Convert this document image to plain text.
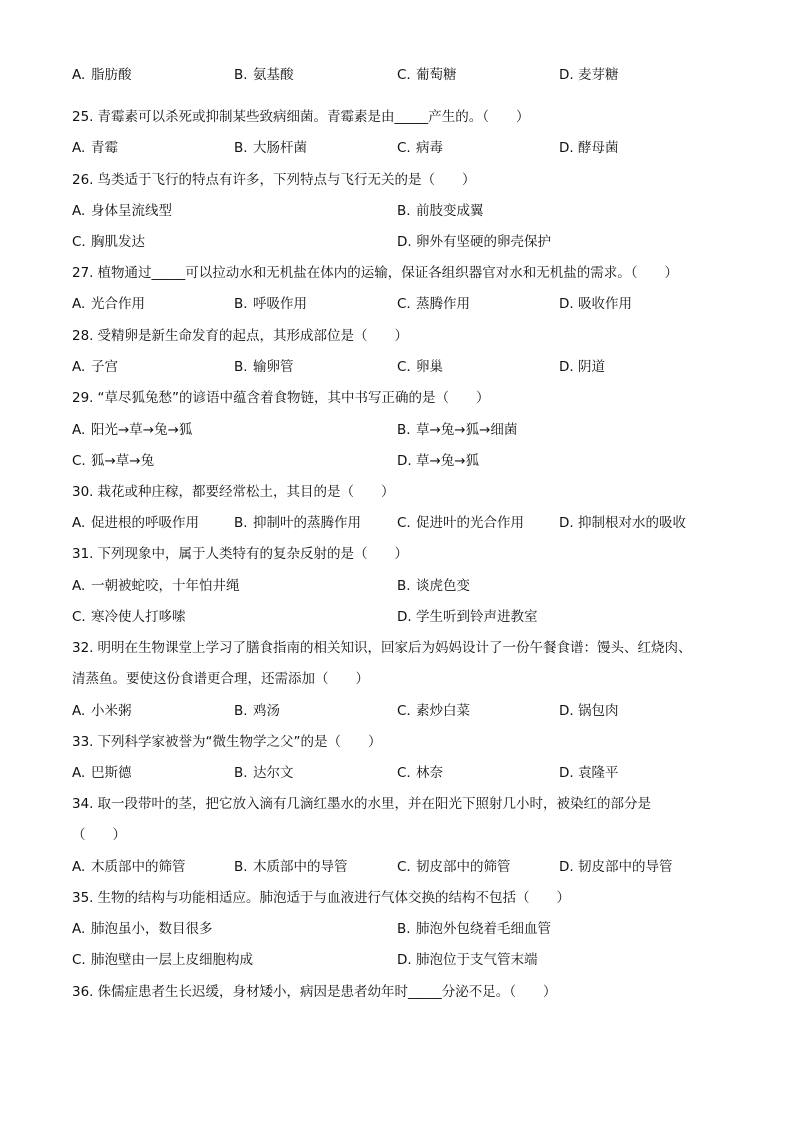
A. 脂肪酸	B. 氨基酸	C. 葡萄糖	D. 麦芽糖
25. 青霉素可以杀死或抑制某些致病细菌。青霉素是由_____产生的。（　　）
A. 青霉	B. 大肠杆菌	C. 病毒	D. 酵母菌
26. 鸟类适于飞行的特点有许多，下列特点与飞行无关的是（　　）
A. 身体呈流线型	B. 前肢变成翼
C. 胸肌发达	D. 卵外有坚硬的卵壳保护
27. 植物通过_____可以拉动水和无机盐在体内的运输，保证各组织器官对水和无机盐的需求。（　　）
A. 光合作用	B. 呼吸作用	C. 蒸腾作用	D. 吸收作用
28. 受精卵是新生命发育的起点，其形成部位是（　　）
A. 子宫	B. 输卵管	C. 卵巢	D. 阴道
29. “草尽狐兔愁”的谚语中蕴含着食物链，其中书写正确的是（　　）
A. 阳光→草→兔→狐	B. 草→兔→狐→细菌
C. 狐→草→兔	D. 草→兔→狐
30. 栽花或种庄稼，都要经常松土，其目的是（　　）
A. 促进根的呼吸作用	B. 抑制叶的蒸腾作用	C. 促进叶的光合作用	D. 抑制根对水的吸收
31. 下列现象中，属于人类特有的复杂反射的是（　　）
A. 一朝被蛇咬，十年怕井绳	B. 谈虎色变
C. 寒冷使人打哆嗦	D. 学生听到铃声进教室
32. 明明在生物课堂上学习了膳食指南的相关知识，回家后为妈妈设计了一份午餐食谱：馒头、红烧肉、
清蒸鱼。要使这份食谱更合理，还需添加（　　）
A. 小米粥	B. 鸡汤	C. 素炒白菜	D. 锅包肉
33. 下列科学家被誉为“微生物学之父”的是（　　）
A. 巴斯德	B. 达尔文	C. 林奈	D. 袁隆平
34. 取一段带叶的茎，把它放入滴有几滴红墨水的水里，并在阳光下照射几小时，被染红的部分是
（　　）
A. 木质部中的筛管	B. 木质部中的导管	C. 韧皮部中的筛管	D. 韧皮部中的导管
35. 生物的结构与功能相适应。肺泡适于与血液进行气体交换的结构不包括（　　）
A. 肺泡虽小，数目很多	B. 肺泡外包绕着毛细血管
C. 肺泡壁由一层上皮细胞构成	D. 肺泡位于支气管末端
36. 侏儒症患者生长迟缓，身材矮小，病因是患者幼年时_____分泌不足。（　　）
